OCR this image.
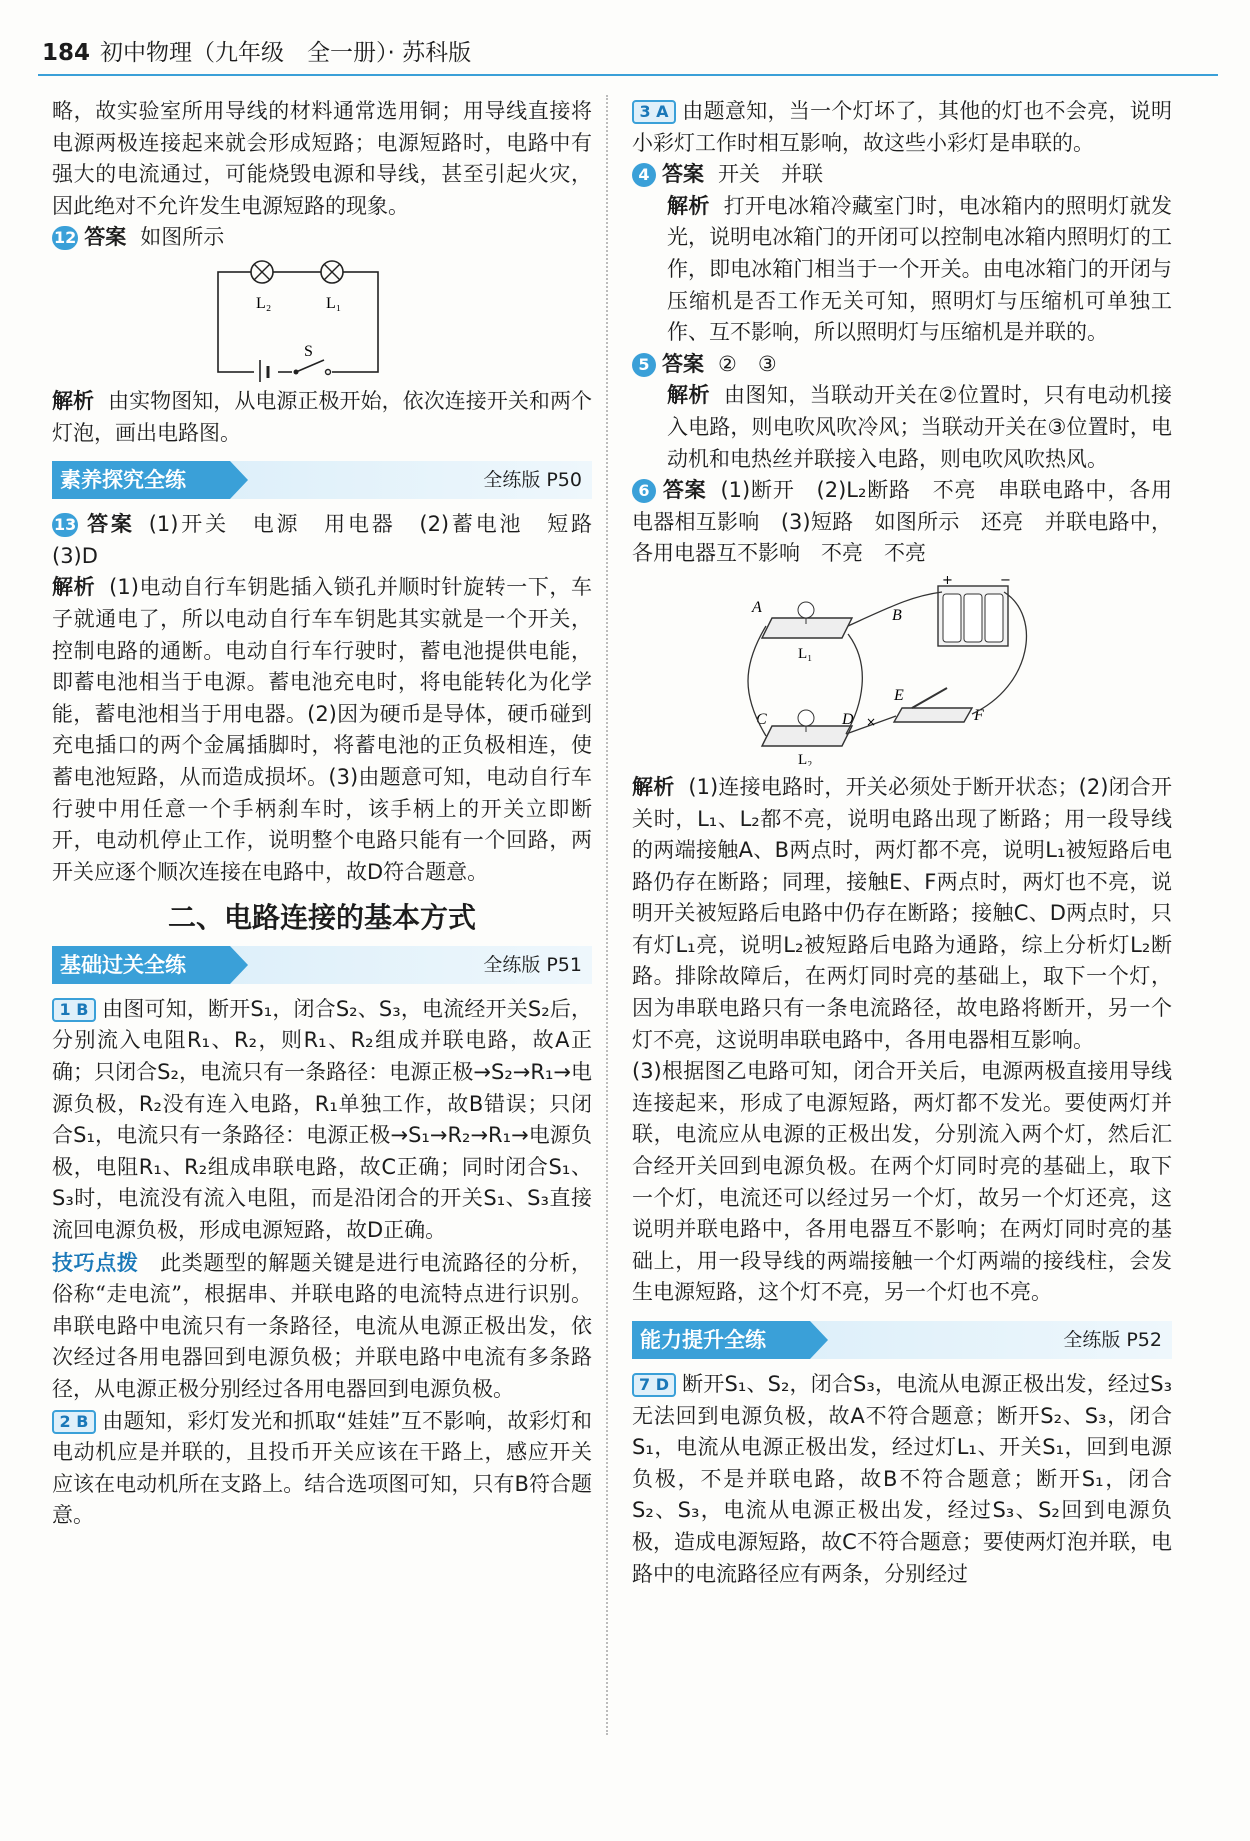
184 初中物理（九年级　全一册）· 苏科版

略，故实验室所用导线的材料通常选用铜；用导线直接将电源两极连接起来就会形成短路；电源短路时，电路中有强大的电流通过，可能烧毁电源和导线，甚至引起火灾，因此绝对不允许发生电源短路的现象。

12 答案 如图所示

L₂	L₁
S

解析 由实物图知，从电源正极开始，依次连接开关和两个灯泡，画出电路图。

素养探究全练	全练版 P50

13 答案 (1)开关　电源　用电器　(2)蓄电池　短路　(3)D

解析 (1)电动自行车钥匙插入锁孔并顺时针旋转一下，车子就通电了，所以电动自行车车钥匙其实就是一个开关，控制电路的通断。电动自行车行驶时，蓄电池提供电能，即蓄电池相当于电源。蓄电池充电时，将电能转化为化学能，蓄电池相当于用电器。(2)因为硬币是导体，硬币碰到充电插口的两个金属插脚时，将蓄电池的正负极相连，使蓄电池短路，从而造成损坏。(3)由题意可知，电动自行车行驶中用任意一个手柄刹车时，该手柄上的开关立即断开，电动机停止工作，说明整个电路只能有一个回路，两开关应逐个顺次连接在电路中，故D符合题意。

二、电路连接的基本方式
基础过关全练	全练版 P51

1 B 由图可知，断开S₁，闭合S₂、S₃，电流经开关S₂后，分别流入电阻R₁、R₂，则R₁、R₂组成并联电路，故A正确；只闭合S₂，电流只有一条路径：电源正极→S₂→R₁→电源负极，R₂没有连入电路，R₁单独工作，故B错误；只闭合S₁，电流只有一条路径：电源正极→S₁→R₂→R₁→电源负极，电阻R₁、R₂组成串联电路，故C正确；同时闭合S₁、S₃时，电流没有流入电阻，而是沿闭合的开关S₁、S₃直接流回电源负极，形成电源短路，故D正确。

技巧点拨　 此类题型的解题关键是进行电流路径的分析，俗称“走电流”，根据串、并联电路的电流特点进行识别。串联电路中电流只有一条路径，电流从电源正极出发，依次经过各用电器回到电源负极；并联电路中电流有多条路径，从电源正极分别经过各用电器回到电源负极。

2 B 由题知，彩灯发光和抓取“娃娃”互不影响，故彩灯和电动机应是并联的，且投币开关应该在干路上，感应开关应该在电动机所在支路上。结合选项图可知，只有B符合题意。

3 A 由题意知，当一个灯坏了，其他的灯也不会亮，说明小彩灯工作时相互影响，故这些小彩灯是串联的。

4 答案 开关　并联

解析 打开电冰箱冷藏室门时，电冰箱内的照明灯就发光，说明电冰箱门的开闭可以控制电冰箱内照明灯的工作，即电冰箱门相当于一个开关。由电冰箱门的开闭与压缩机是否工作无关可知，照明灯与压缩机可单独工作、互不影响，所以照明灯与压缩机是并联的。

5 答案 ②　③

解析 由图知，当联动开关在②位置时，只有电动机接入电路，则电吹风吹冷风；当联动开关在③位置时，电动机和电热丝并联接入电路，则电吹风吹热风。

6 答案 (1)断开　(2)L₂断路　不亮　串联电路中，各用电器相互影响　(3)短路　如图所示　还亮　并联电路中，各用电器互不影响　不亮　不亮

+	−
A	B
L₁
C	D
L₂
E
F
×

解析 (1)连接电路时，开关必须处于断开状态；(2)闭合开关时，L₁、L₂都不亮，说明电路出现了断路；用一段导线的两端接触A、B两点时，两灯都不亮，说明L₁被短路后电路仍存在断路；同理，接触E、F两点时，两灯也不亮，说明开关被短路后电路中仍存在断路；接触C、D两点时，只有灯L₁亮，说明L₂被短路后电路为通路，综上分析灯L₂断路。排除故障后，在两灯同时亮的基础上，取下一个灯，因为串联电路只有一条电流路径，故电路将断开，另一个灯不亮，这说明串联电路中，各用电器相互影响。

(3)根据图乙电路可知，闭合开关后，电源两极直接用导线连接起来，形成了电源短路，两灯都不发光。要使两灯并联，电流应从电源的正极出发，分别流入两个灯，然后汇合经开关回到电源负极。在两个灯同时亮的基础上，取下一个灯，电流还可以经过另一个灯，故另一个灯还亮，这说明并联电路中，各用电器互不影响；在两灯同时亮的基础上，用一段导线的两端接触一个灯两端的接线柱，会发生电源短路，这个灯不亮，另一个灯也不亮。

能力提升全练	全练版 P52

7 D 断开S₁、S₂，闭合S₃，电流从电源正极出发，经过S₃无法回到电源负极，故A不符合题意；断开S₂、S₃，闭合S₁，电流从电源正极出发，经过灯L₁、开关S₁，回到电源负极，不是并联电路，故B不符合题意；断开S₁，闭合S₂、S₃，电流从电源正极出发，经过S₃、S₂回到电源负极，造成电源短路，故C不符合题意；要使两灯泡并联，电路中的电流路径应有两条，分别经过
